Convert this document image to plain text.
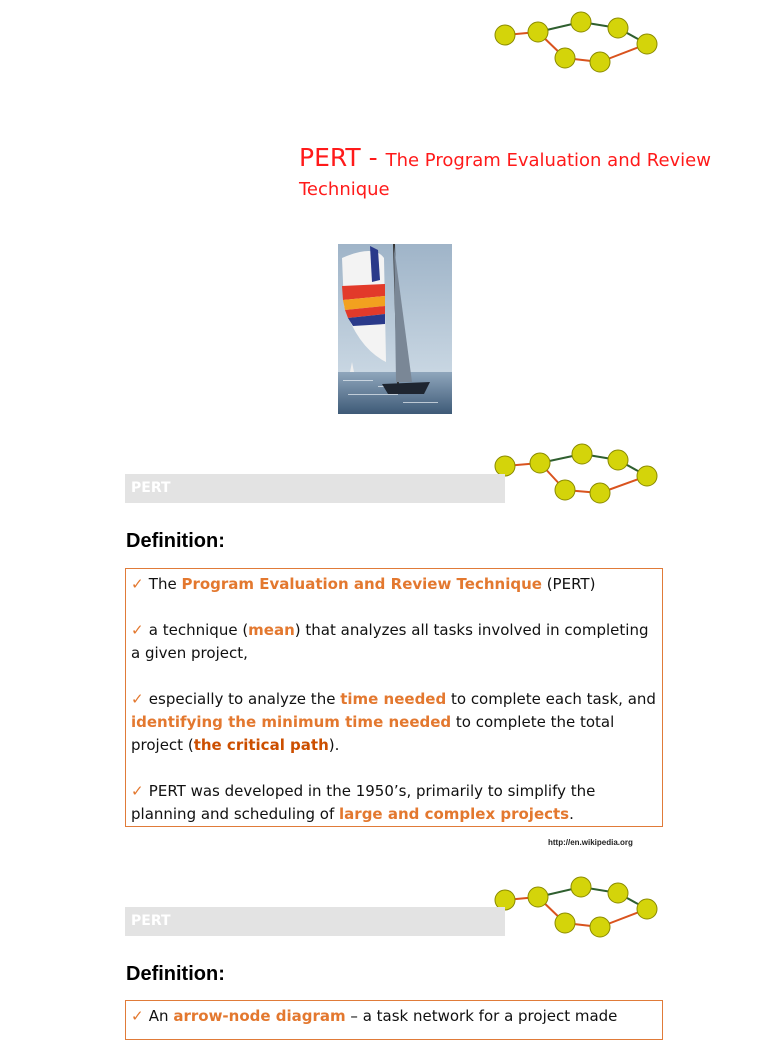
PERT - The Program Evaluation and Review Technique
PERT
Definition:

✓ The Program Evaluation and Review Technique (PERT)

✓ a technique (mean) that analyzes all tasks involved in completing a given project,

✓ especially to analyze the time needed to complete each task, and identifying the minimum time needed to complete the total project (the critical path).

✓ PERT was developed in the 1950’s, primarily to simplify the planning and scheduling of large and complex projects.

http://en.wikipedia.org
PERT
Definition:

✓ An arrow-node diagram – a task network for a project made
